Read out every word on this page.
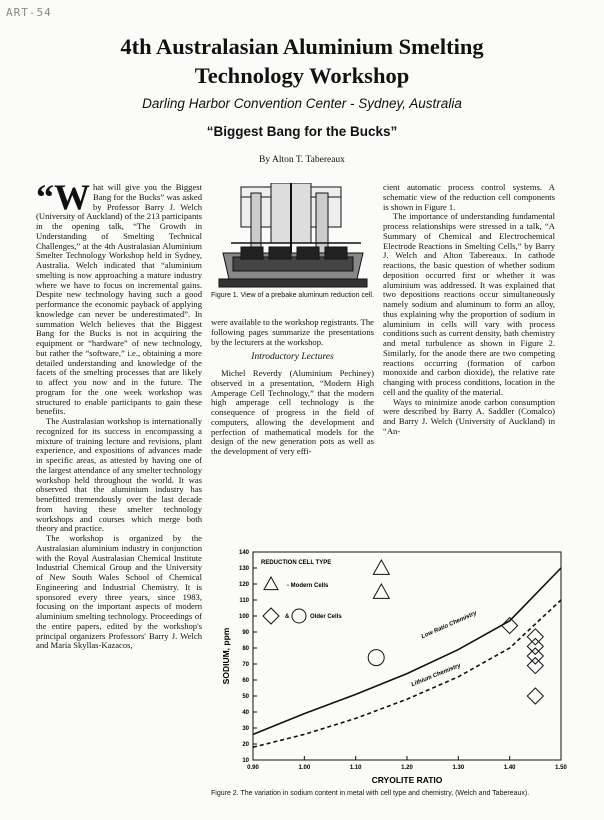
ART-54
4th Australasian Aluminium Smelting
Technology Workshop
Darling Harbor Convention Center - Sydney, Australia
“Biggest Bang for the Bucks”
By Alton T. Tabereaux

“What will give you the Biggest Bang for the Bucks” was asked by Professor Barry J. Welch (University of Auckland) of the 213 participants in the opening talk, “The Growth in Understanding of Smelting Technical Challenges,” at the 4th Australasian Aluminium Smelter Technology Workshop held in Sydney, Australia. Welch indicated that “aluminium smelting is now approaching a mature industry where we have to focus on incremental gains. Despite new technology having such a good performance the economic payback of applying knowledge can never be underestimated”. In summation Welch believes that the Biggest Bang for the Bucks is not in acquiring the equipment or “hardware” of new technology, but rather the “software,” i.e., obtaining a more detailed understanding and knowledge of the facets of the smelting processes that are likely to affect you now and in the future. The program for the one week workshop was structured to enable participants to gain these benefits.

The Australasian workshop is internationally recognized for its success in encompassing a mixture of training lecture and revisions, plant experience, and expositions of advances made in specific areas, as attested by having one of the largest attendance of any smelter technology workshop held throughout the world. It was observed that the aluminium industry has benefitted tremendously over the last decade from having these smelter technology workshops and courses which merge both theory and practice.

The workshop is organized by the Australasian aluminium industry in conjunction with the Royal Australasian Chemical Institute Industrial Chemical Group and the University of New South Wales School of Chemical Engineering and Industrial Chemistry. It is sponsored every three years, since 1983, focusing on the important aspects of modern aluminium smelting technology. Proceedings of the entire papers, edited by the workshop's principal organizers Professors' Barry J. Welch and Maria Skyllas-Kazacos,

Figure 1. View of a prebake aluminum reduction cell.

were available to the workshop registrants. The following pages summarize the presentations by the lecturers at the workshop.

Introductory Lectures

Michel Reverdy (Aluminium Pechiney) observed in a presentation, “Modern High Amperage Cell Technology,” that the modern high amperage cell technology is the consequence of progress in the field of computers, allowing the development and perfection of mathematical models for the design of the new generation pots as well as the development of very effi-

cient automatic process control systems. A schematic view of the reduction cell components is shown in Figure 1.

The importance of understanding fundamental process relationships were stressed in a talk, “A Summary of Chemical and Electrochemical Electrode Reactions in Smelting Cells,” by Barry J. Welch and Alton Tabereaux. In cathode reactions, the basic question of whether sodium deposition occurred first or whether it was aluminium was addressed. It was explained that two depositions reactions occur simultaneously namely sodium and aluminum to form an alloy, thus explaining why the proportion of sodium in aluminium in cells will vary with process conditions such as current density, bath chemistry and metal turbulence as shown in Figure 2. Similarly, for the anode there are two competing reactions occurring (formation of carbon monoxide and carbon dioxide), the relative rate changing with process conditions, location in the cell and the quality of the material.

Ways to minimize anode carbon consumption were described by Barry A. Saddler (Comalco) and Barry J. Welch (University of Auckland) in “An-

10
20
30
40
50
60
70
80
90
100
110
120
130
140
0.90	1.00	1.10	1.20	1.30	1.40	1.50
CRYOLITE RATIO
SODIUM, ppm
Low Ratio Chemistry
Lithium Chemistry
REDUCTION CELL TYPE
- Modern Cells
&	Older Cells
Figure 2. The variation in sodium content in metal with cell type and chemistry, (Welch and Tabereaux).
